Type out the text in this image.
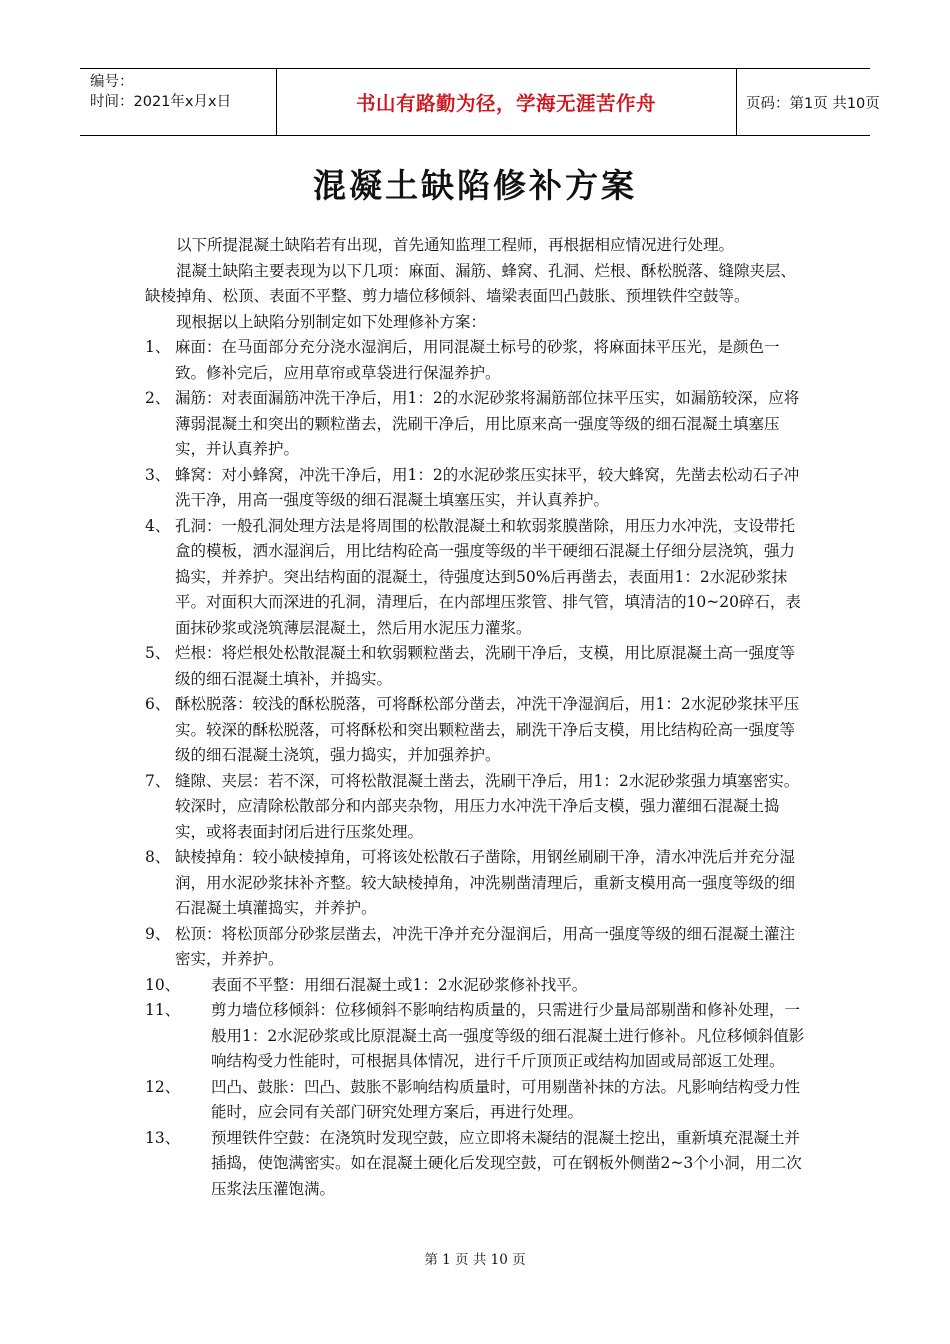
编号：
时间：2021年x月x日	书山有路勤为径，学海无涯苦作舟	页码：第1页 共10页
混凝土缺陷修补方案
以下所提混凝土缺陷若有出现，首先通知监理工程师，再根据相应情况进行处理。
混凝土缺陷主要表现为以下几项：麻面、漏筋、蜂窝、孔洞、烂根、酥松脱落、缝隙夹层、缺棱掉角、松顶、表面不平整、剪力墙位移倾斜、墙梁表面凹凸鼓胀、预埋铁件空鼓等。
现根据以上缺陷分别制定如下处理修补方案：
1、 麻面：在马面部分充分浇水湿润后，用同混凝土标号的砂浆，将麻面抹平压光，是颜色一致。修补完后，应用草帘或草袋进行保湿养护。
2、 漏筋：对表面漏筋冲洗干净后，用1：2的水泥砂浆将漏筋部位抹平压实，如漏筋较深，应将薄弱混凝土和突出的颗粒凿去，洗刷干净后，用比原来高一强度等级的细石混凝土填塞压实，并认真养护。
3、 蜂窝：对小蜂窝，冲洗干净后，用1：2的水泥砂浆压实抹平，较大蜂窝，先凿去松动石子冲洗干净，用高一强度等级的细石混凝土填塞压实，并认真养护。
4、 孔洞：一般孔洞处理方法是将周围的松散混凝土和软弱浆膜凿除，用压力水冲洗，支设带托盒的模板，洒水湿润后，用比结构砼高一强度等级的半干硬细石混凝土仔细分层浇筑，强力捣实，并养护。突出结构面的混凝土，待强度达到50%后再凿去，表面用1：2水泥砂浆抹平。对面积大而深进的孔洞，清理后，在内部埋压浆管、排气管，填清洁的10~20碎石，表面抹砂浆或浇筑薄层混凝土，然后用水泥压力灌浆。
5、 烂根：将烂根处松散混凝土和软弱颗粒凿去，洗刷干净后，支模，用比原混凝土高一强度等级的细石混凝土填补，并捣实。
6、 酥松脱落：较浅的酥松脱落，可将酥松部分凿去，冲洗干净湿润后，用1：2水泥砂浆抹平压实。较深的酥松脱落，可将酥松和突出颗粒凿去，刷洗干净后支模，用比结构砼高一强度等级的细石混凝土浇筑，强力捣实，并加强养护。
7、 缝隙、夹层：若不深，可将松散混凝土凿去，洗刷干净后，用1：2水泥砂浆强力填塞密实。较深时，应清除松散部分和内部夹杂物，用压力水冲洗干净后支模，强力灌细石混凝土捣实，或将表面封闭后进行压浆处理。
8、 缺棱掉角：较小缺棱掉角，可将该处松散石子凿除，用钢丝刷刷干净，清水冲洗后并充分湿润，用水泥砂浆抹补齐整。较大缺棱掉角，冲洗剔凿清理后，重新支模用高一强度等级的细石混凝土填灌捣实，并养护。
9、 松顶：将松顶部分砂浆层凿去，冲洗干净并充分湿润后，用高一强度等级的细石混凝土灌注密实，并养护。
10、	表面不平整：用细石混凝土或1：2水泥砂浆修补找平。
11、	剪力墙位移倾斜：位移倾斜不影响结构质量的，只需进行少量局部剔凿和修补处理，一般用1：2水泥砂浆或比原混凝土高一强度等级的细石混凝土进行修补。凡位移倾斜值影响结构受力性能时，可根据具体情况，进行千斤顶顶正或结构加固或局部返工处理。
12、	凹凸、鼓胀：凹凸、鼓胀不影响结构质量时，可用剔凿补抹的方法。凡影响结构受力性能时，应会同有关部门研究处理方案后，再进行处理。
13、	预埋铁件空鼓：在浇筑时发现空鼓，应立即将未凝结的混凝土挖出，重新填充混凝土并插捣，使饱满密实。如在混凝土硬化后发现空鼓，可在钢板外侧凿2~3个小洞，用二次压浆法压灌饱满。
第 1 页 共 10 页
